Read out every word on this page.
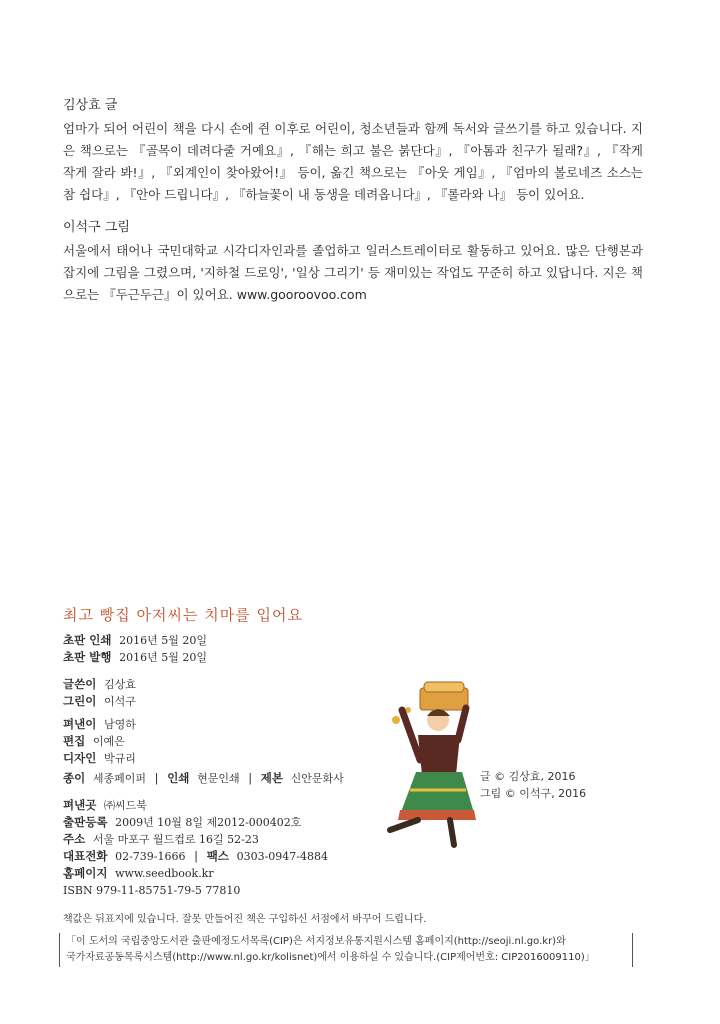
김상효 글

엄마가 되어 어린이 책을 다시 손에 쥔 이후로 어린이, 청소년들과 함께 독서와 글쓰기를 하고 있습니다. 지은 책으로는 『골목이 데려다줄 거예요』, 『해는 희고 불은 붉단다』, 『아톰과 친구가 될래?』, 『작게 작게 잘라 봐!』, 『외계인이 찾아왔어!』 등이, 옮긴 책으로는 『아웃 게임』, 『엄마의 볼로네즈 소스는 참 쉽다』, 『안아 드립니다』, 『하늘꽃이 내 동생을 데려옵니다』, 『롤라와 나』 등이 있어요.

이석구 그림

서울에서 태어나 국민대학교 시각디자인과를 졸업하고 일러스트레이터로 활동하고 있어요. 많은 단행본과 잡지에 그림을 그렸으며, '지하철 드로잉', '일상 그리기' 등 재미있는 작업도 꾸준히 하고 있답니다. 지은 책으로는 『두근두근』이 있어요. www.gooroovoo.com

최고 빵집 아저씨는 치마를 입어요
초판 인쇄 2016년 5월 20일
초판 발행 2016년 5월 20일
글쓴이 김상효
그린이 이석구
펴낸이 남영하
편집 이예은
디자인 박규리
종이 세종페이퍼 | 인쇄 현문인쇄 | 제본 신안문화사
펴낸곳 ㈜씨드북
출판등록 2009년 10월 8일 제2012-000402호
주소 서울 마포구 월드컵로 16길 52-23
대표전화 02-739-1666 | 팩스 0303-0947-4884
홈페이지 www.seedbook.kr
ISBN 979-11-85751-79-5 77810
책값은 뒤표지에 있습니다. 잘못 만들어진 책은 구입하신 서점에서 바꾸어 드립니다.
「이 도서의 국립중앙도서관 출판예정도서목록(CIP)은 서지정보유통지원시스템 홈페이지(http://seoji.nl.go.kr)와
국가자료공동목록시스템(http://www.nl.go.kr/kolisnet)에서 이용하실 수 있습니다.(CIP제어번호: CIP2016009110)」
글 © 김상효, 2016
그림 © 이석구, 2016
